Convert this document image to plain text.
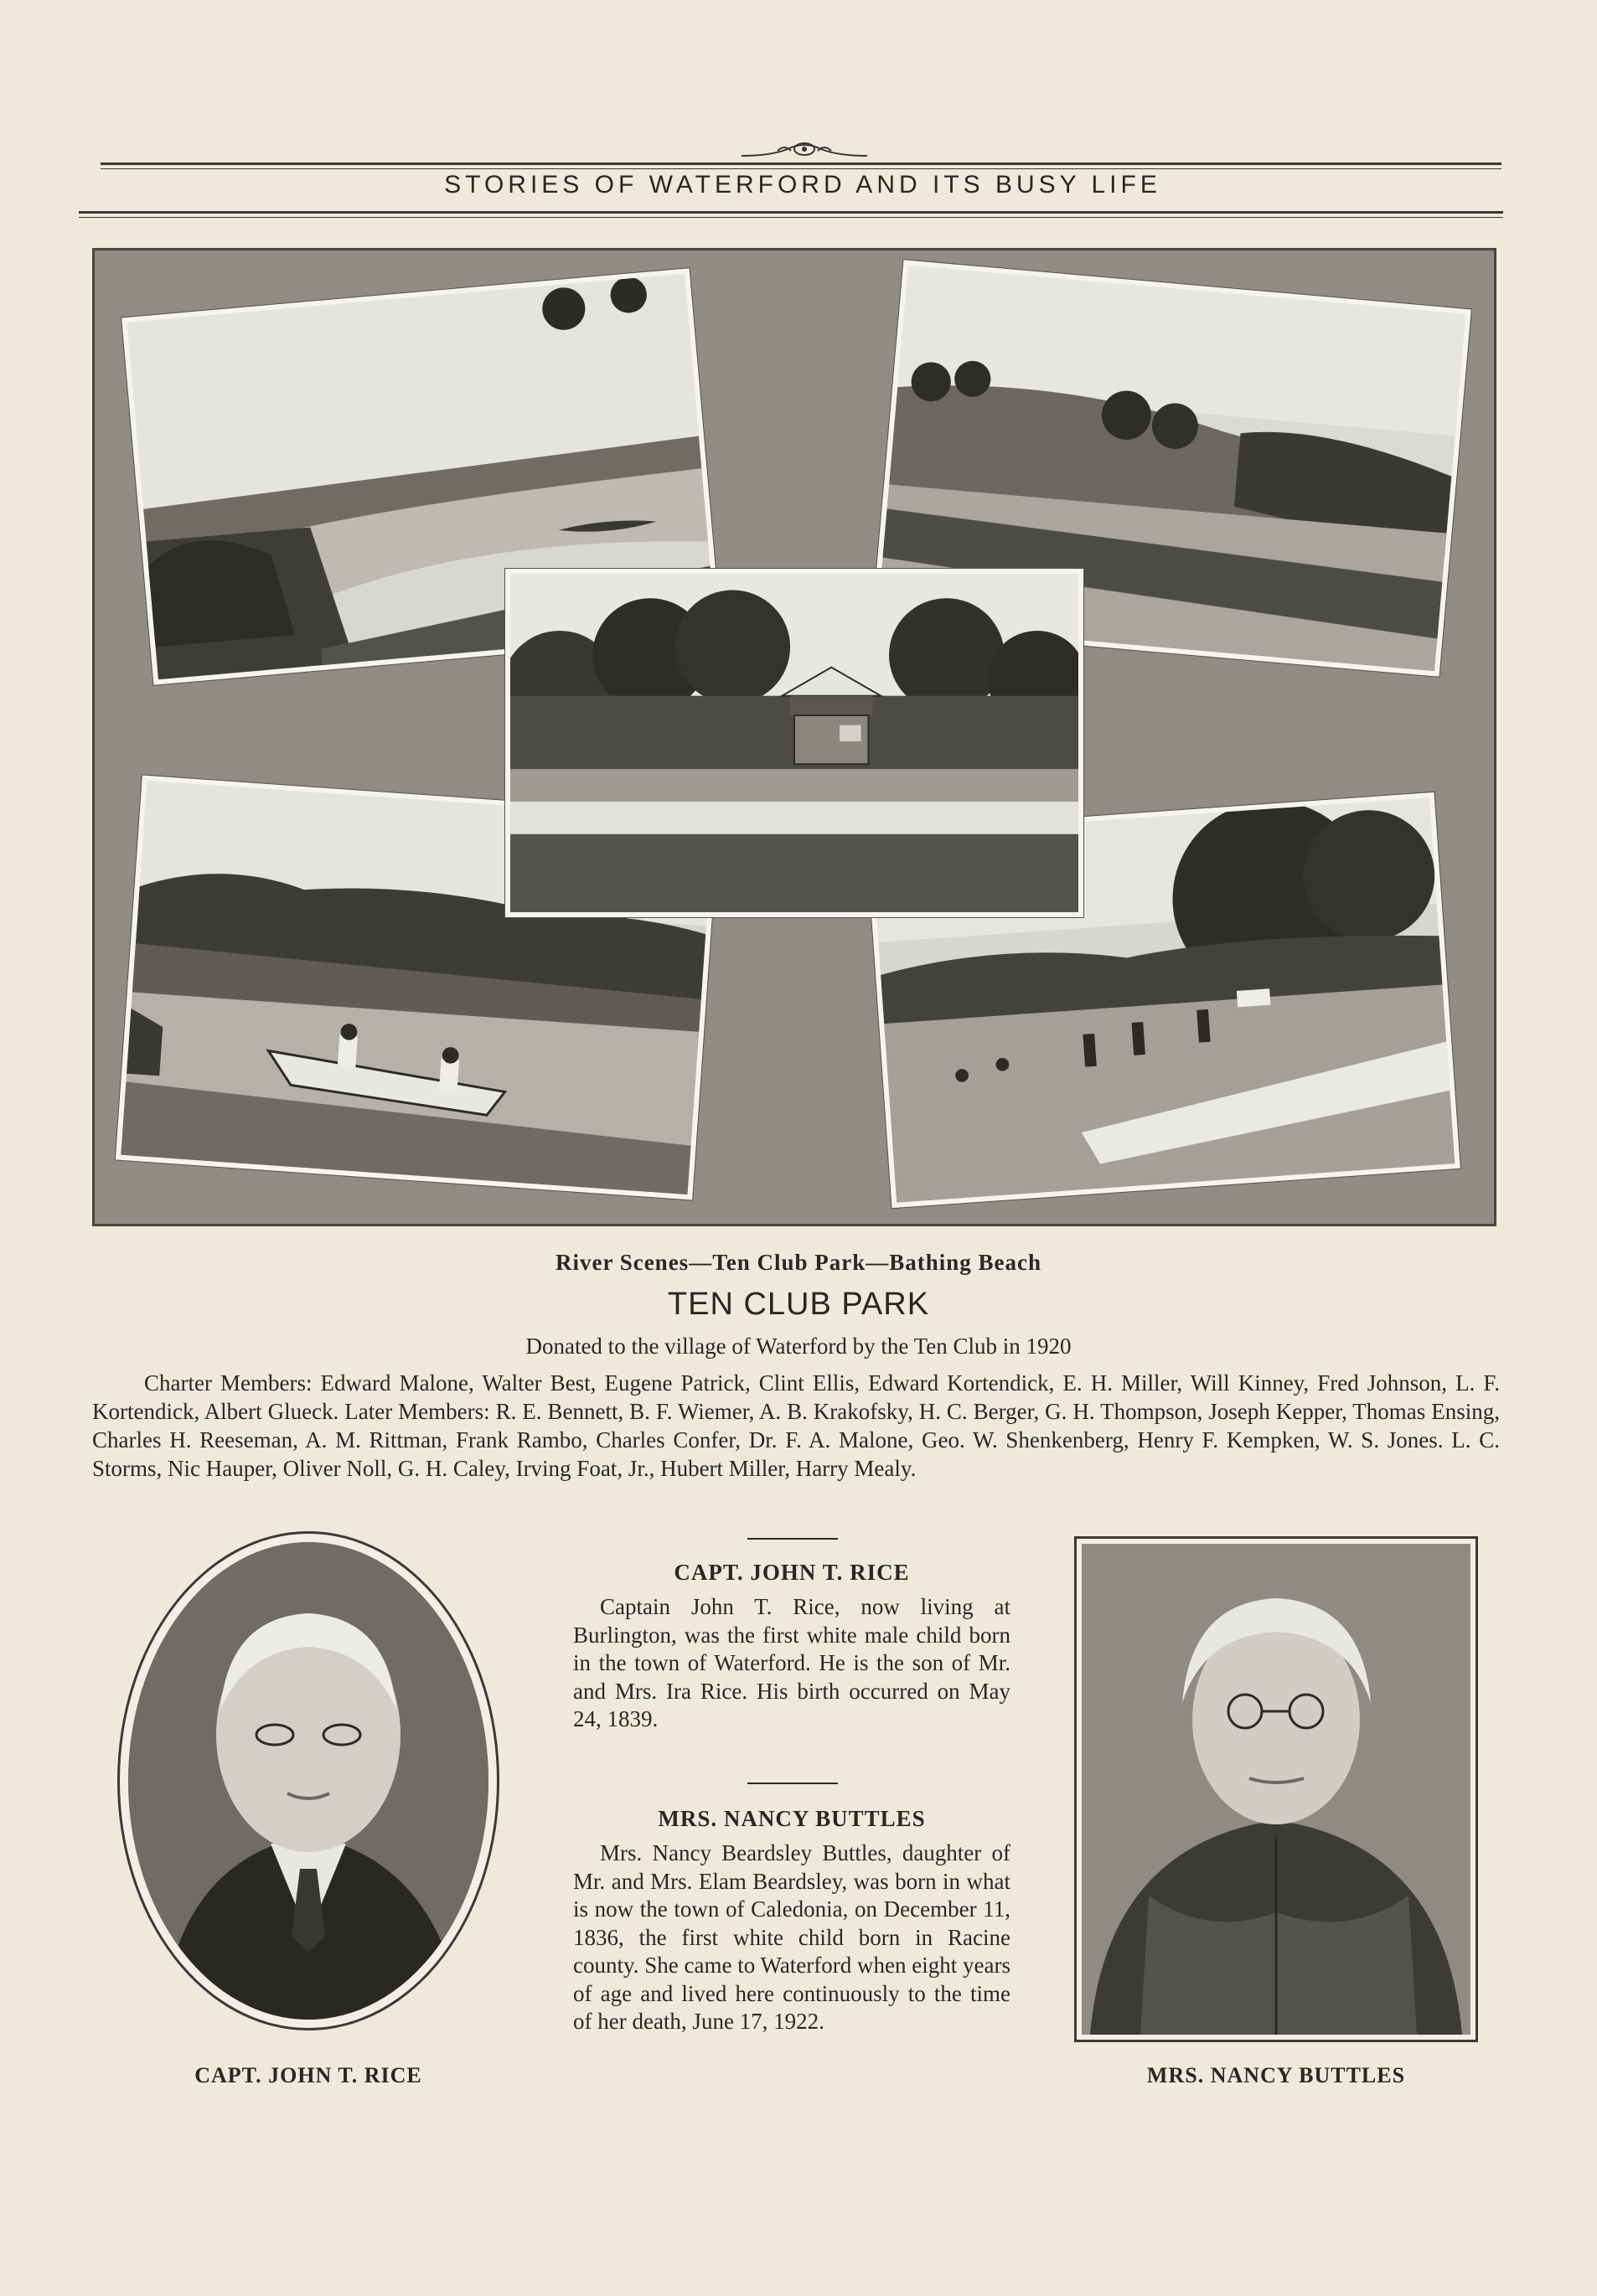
STORIES OF WATERFORD AND ITS BUSY LIFE
River Scenes—Ten Club Park—Bathing Beach
TEN CLUB PARK
Donated to the village of Waterford by the Ten Club in 1920
Charter Members: Edward Malone, Walter Best, Eugene Patrick, Clint Ellis, Edward Kortendick, E. H. Miller, Will Kinney, Fred Johnson, L. F. Kortendick, Albert Glueck. Later Members: R. E. Bennett, B. F. Wiemer, A. B. Krakofsky, H. C. Berger, G. H. Thompson, Joseph Kepper, Thomas Ensing, Charles H. Reeseman, A. M. Rittman, Frank Rambo, Charles Confer, Dr. F. A. Malone, Geo. W. Shenkenberg, Henry F. Kempken, W. S. Jones. L. C. Storms, Nic Hauper, Oliver Noll, G. H. Caley, Irving Foat, Jr., Hubert Miller, Harry Mealy.
CAPT. JOHN T. RICE	MRS. NANCY BUTTLES
CAPT. JOHN T. RICE
Captain John T. Rice, now living at Burlington, was the first white male child born in the town of Waterford. He is the son of Mr. and Mrs. Ira Rice. His birth occurred on May 24, 1839.
MRS. NANCY BUTTLES
Mrs. Nancy Beardsley Buttles, daughter of Mr. and Mrs. Elam Beardsley, was born in what is now the town of Caledonia, on December 11, 1836, the first white child born in Racine county. She came to Waterford when eight years of age and lived here continuously to the time of her death, June 17, 1922.
